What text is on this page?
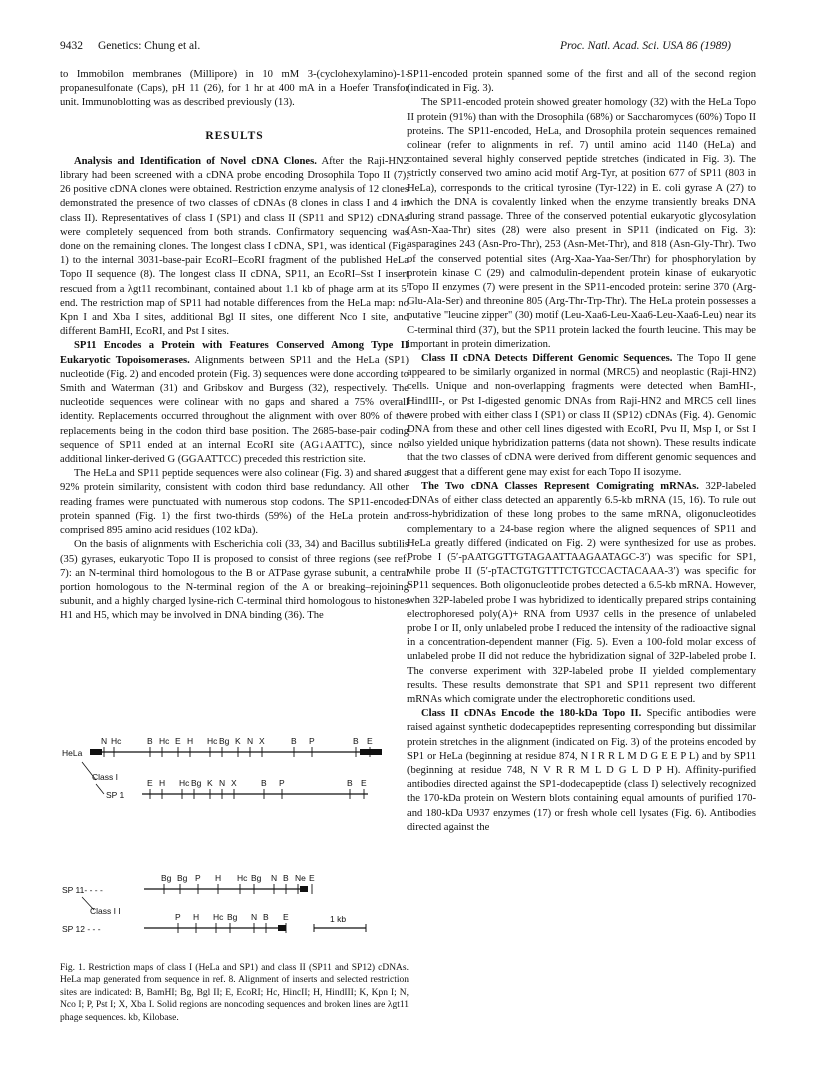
9432 Genetics: Chung et al.	Proc. Natl. Acad. Sci. USA 86 (1989)

to Immobilon membranes (Millipore) in 10 mM 3-(cyclohexylamino)-1-propanesulfonate (Caps), pH 11 (26), for 1 hr at 400 mA in a Hoefer Transfor unit. Immunoblotting was as described previously (13).

RESULTS

Analysis and Identification of Novel cDNA Clones. After the Raji-HN2 library had been screened with a cDNA probe encoding Drosophila Topo II (7), 26 positive cDNA clones were obtained. Restriction enzyme analysis of 12 clones demonstrated the presence of two classes of cDNAs (8 clones in class I and 4 in class II). Representatives of class I (SP1) and class II (SP11 and SP12) cDNAs were completely sequenced from both strands. Confirmatory sequencing was done on the remaining clones. The longest class I cDNA, SP1, was identical (Fig. 1) to the internal 3031-base-pair EcoRI–EcoRI fragment of the published HeLa Topo II sequence (8). The longest class II cDNA, SP11, an EcoRI–Sst I insert rescued from a λgt11 recombinant, contained about 1.1 kb of phage arm at its 5′ end. The restriction map of SP11 had notable differences from the HeLa map: no Kpn I and Xba I sites, additional Bgl II sites, one different Nco I site, and different BamHI, EcoRI, and Pst I sites.

SP11 Encodes a Protein with Features Conserved Among Type II Eukaryotic Topoisomerases. Alignments between SP11 and the HeLa (SP1) nucleotide (Fig. 2) and encoded protein (Fig. 3) sequences were done according to Smith and Waterman (31) and Gribskov and Burgess (32), respectively. The nucleotide sequences were colinear with no gaps and shared a 75% overall identity. Replacements occurred throughout the alignment with over 80% of the replacements being in the codon third base position. The 2685-base-pair coding sequence of SP11 ended at an internal EcoRI site (AG↓AATTC), since no additional linker-derived G (GGAATTCC) preceded this restriction site.

The HeLa and SP11 peptide sequences were also colinear (Fig. 3) and shared a 92% protein similarity, consistent with codon third base redundancy. All other reading frames were punctuated with numerous stop codons. The SP11-encoded protein spanned (Fig. 1) the first two-thirds (59%) of the HeLa protein and comprised 895 amino acid residues (102 kDa).

On the basis of alignments with Escherichia coli (33, 34) and Bacillus subtilis (35) gyrases, eukaryotic Topo II is proposed to consist of three regions (see ref. 7): an N-terminal third homologous to the B or ATPase gyrase subunit, a central portion homologous to the N-terminal region of the A or breaking–rejoining subunit, and a highly charged lysine-rich C-terminal third homologous to histones H1 and H5, which may be involved in DNA binding (36). The

SP11-encoded protein spanned some of the first and all of the second region (indicated in Fig. 3).

The SP11-encoded protein showed greater homology (32) with the HeLa Topo II protein (91%) than with the Drosophila (68%) or Saccharomyces (60%) Topo II proteins. The SP11-encoded, HeLa, and Drosophila protein sequences remained colinear (refer to alignments in ref. 7) until amino acid 1140 (HeLa) and contained several highly conserved peptide stretches (indicated in Fig. 3). The strictly conserved two amino acid motif Arg-Tyr, at position 677 of SP11 (803 in HeLa), corresponds to the critical tyrosine (Tyr-122) in E. coli gyrase A (27) to which the DNA is covalently linked when the enzyme transiently breaks DNA during strand passage. Three of the conserved potential eukaryotic glycosylation (Asn-Xaa-Thr) sites (28) were also present in SP11 (indicated on Fig. 3): asparagines 243 (Asn-Pro-Thr), 253 (Asn-Met-Thr), and 818 (Asn-Gly-Thr). Two of the conserved potential sites (Arg-Xaa-Yaa-Ser/Thr) for phosphorylation by protein kinase C (29) and calmodulin-dependent protein kinase of eukaryotic Topo II enzymes (7) were present in the SP11-encoded protein: serine 370 (Arg-Glu-Ala-Ser) and threonine 805 (Arg-Thr-Trp-Thr). The HeLa protein possesses a putative "leucine zipper" (30) motif (Leu-Xaa6-Leu-Xaa6-Leu-Xaa6-Leu) near its C-terminal third (37), but the SP11 protein lacked the fourth leucine. This may be important in protein dimerization.

Class II cDNA Detects Different Genomic Sequences. The Topo II gene appeared to be similarly organized in normal (MRC5) and neoplastic (Raji-HN2) cells. Unique and non-overlapping fragments were detected when BamHI-, HindIII-, or Pst I-digested genomic DNAs from Raji-HN2 and MRC5 cell lines were probed with either class I (SP1) or class II (SP12) cDNAs (Fig. 4). Genomic DNA from these and other cell lines digested with EcoRI, Pvu II, Msp I, or Sst I also yielded unique hybridization patterns (data not shown). These results indicate that the two classes of cDNA were derived from different genomic sequences and suggest that a different gene may exist for each Topo II isozyme.

The Two cDNA Classes Represent Comigrating mRNAs. 32P-labeled cDNAs of either class detected an apparently 6.5-kb mRNA (15, 16). To rule out cross-hybridization of these long probes to the same mRNA, oligonucleotides complementary to a 24-base region where the aligned sequences of SP11 and HeLa greatly differed (indicated on Fig. 2) were synthesized for use as probes. Probe I (5′-pAATGGTTGTAGAATTAAGAATAGC-3′) was specific for SP1, while probe II (5′-pTACTGTGTTTCTGTCCACTACAAA-3′) was specific for SP11 sequences. Both oligonucleotide probes detected a 6.5-kb mRNA. However, when 32P-labeled probe I was hybridized to identically prepared strips containing electrophoresed poly(A)+ RNA from U937 cells in the presence of unlabeled probe I or II, only unlabeled probe I reduced the intensity of the radioactive signal in a concentration-dependent manner (Fig. 5). Even a 100-fold molar excess of unlabeled probe II did not reduce the hybridization signal of 32P-labeled probe I. The converse experiment with 32P-labeled probe II yielded complementary results. These results demonstrate that SP1 and SP11 represent two different mRNAs which comigrate under the electrophoretic conditions used.

Class II cDNAs Encode the 180-kDa Topo II. Specific antibodies were raised against synthetic dodecapeptides representing corresponding but dissimilar protein stretches in the alignment (indicated on Fig. 3) of the proteins encoded by SP1 or HeLa (beginning at residue 874, N I R R L M D G E E P L) and by SP11 (beginning at residue 748, N V R R M L D G L D P H). Affinity-purified antibodies directed against the SP1-dodecapeptide (class I) selectively recognized the 170-kDa protein on Western blots containing equal amounts of purified 170- and 180-kDa U937 enzymes (17) or fresh whole cell lysates (Fig. 6). Antibodies directed against the

HeLa
N Hc	B Hc E H Hc Bg K N X	B P	B E
Class I
SP 1
E H Hc Bg K N X	B P	B E
SP 11- - - -
Bg Bg P H Hc Bg N B Ne E
Class I I
SP 12 - - -
P H Hc Bg N B E	1 kb
Fig. 1. Restriction maps of class I (HeLa and SP1) and class II (SP11 and SP12) cDNAs. HeLa map generated from sequence in ref. 8. Alignment of inserts and selected restriction sites are indicated: B, BamHI; Bg, Bgl II; E, EcoRI; Hc, HincII; H, HindIII; K, Kpn I; N, Nco I; P, Pst I; X, Xba I. Solid regions are noncoding sequences and broken lines are λgt11 phage sequences. kb, Kilobase.
